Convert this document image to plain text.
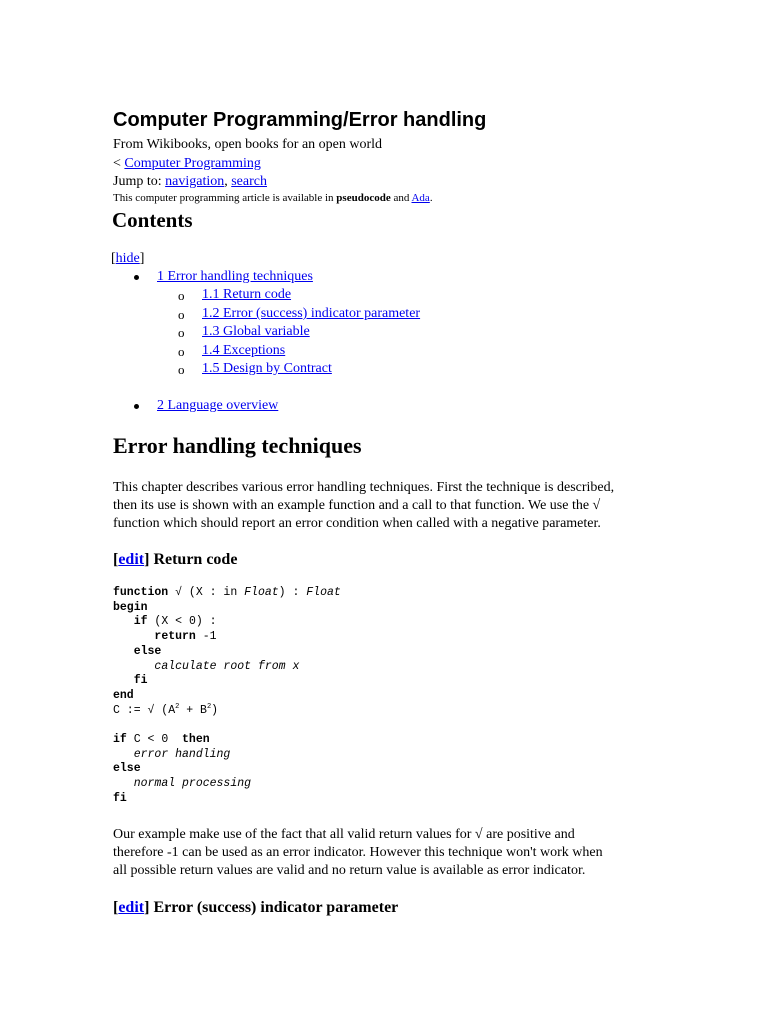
Computer Programming/Error handling
From Wikibooks, open books for an open world
< Computer Programming
Jump to: navigation, search
This computer programming article is available in pseudocode and Ada.
Contents
[hide]
1 Error handling techniques
o 1.1 Return code
o 1.2 Error (success) indicator parameter
o 1.3 Global variable
o 1.4 Exceptions
o 1.5 Design by Contract
2 Language overview
Error handling techniques
This chapter describes various error handling techniques. First the technique is described,
then its use is shown with an example function and a call to that function. We use the √
function which should report an error condition when called with a negative parameter.
[edit] Return code
function √ (X : in Float) : Float
begin
if (X < 0) :
return -1
else
calculate root from x
fi
end
C := √ $(A^2 + B^2)$

if C < 0  then
error handling
else
normal processing
fi
Our example make use of the fact that all valid return values for √ are positive and
therefore -1 can be used as an error indicator. However this technique won't work when
all possible return values are valid and no return value is available as error indicator.
[edit] Error (success) indicator parameter
